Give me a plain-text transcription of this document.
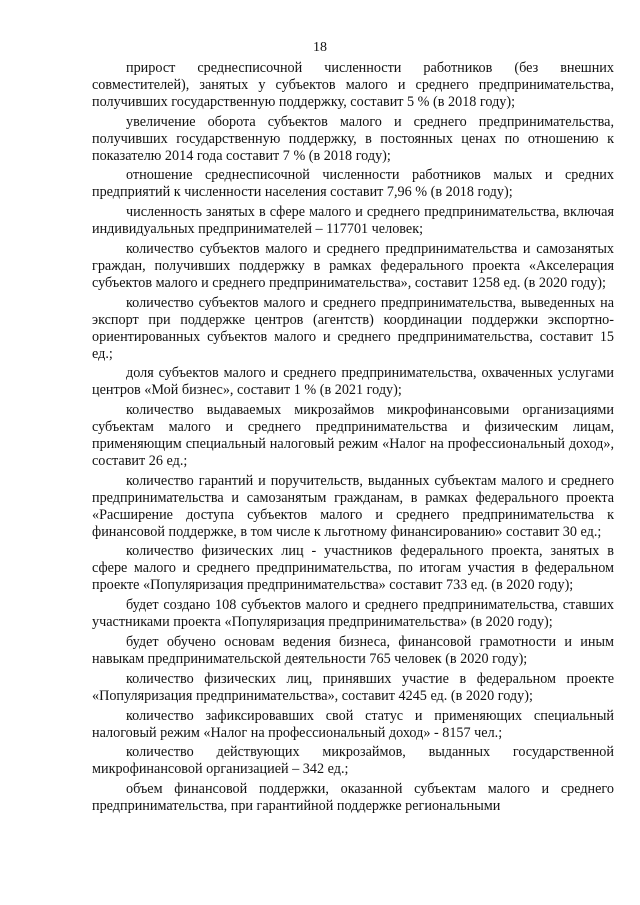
18

прирост среднесписочной численности работников (без внешних совместителей), занятых у субъектов малого и среднего предпринимательства, получивших государственную поддержку, составит 5 % (в 2018 году);

увеличение оборота субъектов малого и среднего предпринимательства, получивших государственную поддержку, в постоянных ценах по отношению к показателю 2014 года составит 7 % (в 2018 году);

отношение среднесписочной численности работников малых и средних предприятий к численности населения составит 7,96 % (в 2018 году);

численность занятых в сфере малого и среднего предпринимательства, включая индивидуальных предпринимателей – 117701 человек;

количество субъектов малого и среднего предпринимательства и самозанятых граждан, получивших поддержку в рамках федерального проекта «Акселерация субъектов малого и среднего предпринимательства», составит 1258 ед. (в 2020 году);

количество субъектов малого и среднего предпринимательства, выведенных на экспорт при поддержке центров (агентств) координации поддержки экспортно-ориентированных субъектов малого и среднего предпринимательства, составит 15 ед.;

доля субъектов малого и среднего предпринимательства, охваченных услугами центров «Мой бизнес», составит 1 % (в 2021 году);

количество выдаваемых микрозаймов микрофинансовыми организациями субъектам малого и среднего предпринимательства и физическим лицам, применяющим специальный налоговый режим «Налог на профессиональный доход», составит 26 ед.;

количество гарантий и поручительств, выданных субъектам малого и среднего предпринимательства и самозанятым гражданам, в рамках федерального проекта «Расширение доступа субъектов малого и среднего предпринимательства к финансовой поддержке, в том числе к льготному финансированию» составит 30 ед.;

количество физических лиц - участников федерального проекта, занятых в сфере малого и среднего предпринимательства, по итогам участия в федеральном проекте «Популяризация предпринимательства» составит 733 ед. (в 2020 году);

будет создано 108 субъектов малого и среднего предпринимательства, ставших участниками проекта «Популяризация предпринимательства» (в 2020 году);

будет обучено основам ведения бизнеса, финансовой грамотности и иным навыкам предпринимательской деятельности 765 человек (в 2020 году);

количество физических лиц, принявших участие в федеральном проекте «Популяризация предпринимательства», составит 4245 ед. (в 2020 году);

количество зафиксировавших свой статус и применяющих специальный налоговый режим «Налог на профессиональный доход» - 8157 чел.;

количество действующих микрозаймов, выданных государственной микрофинансовой организацией – 342 ед.;

объем финансовой поддержки, оказанной субъектам малого и среднего предпринимательства, при гарантийной поддержке региональными
